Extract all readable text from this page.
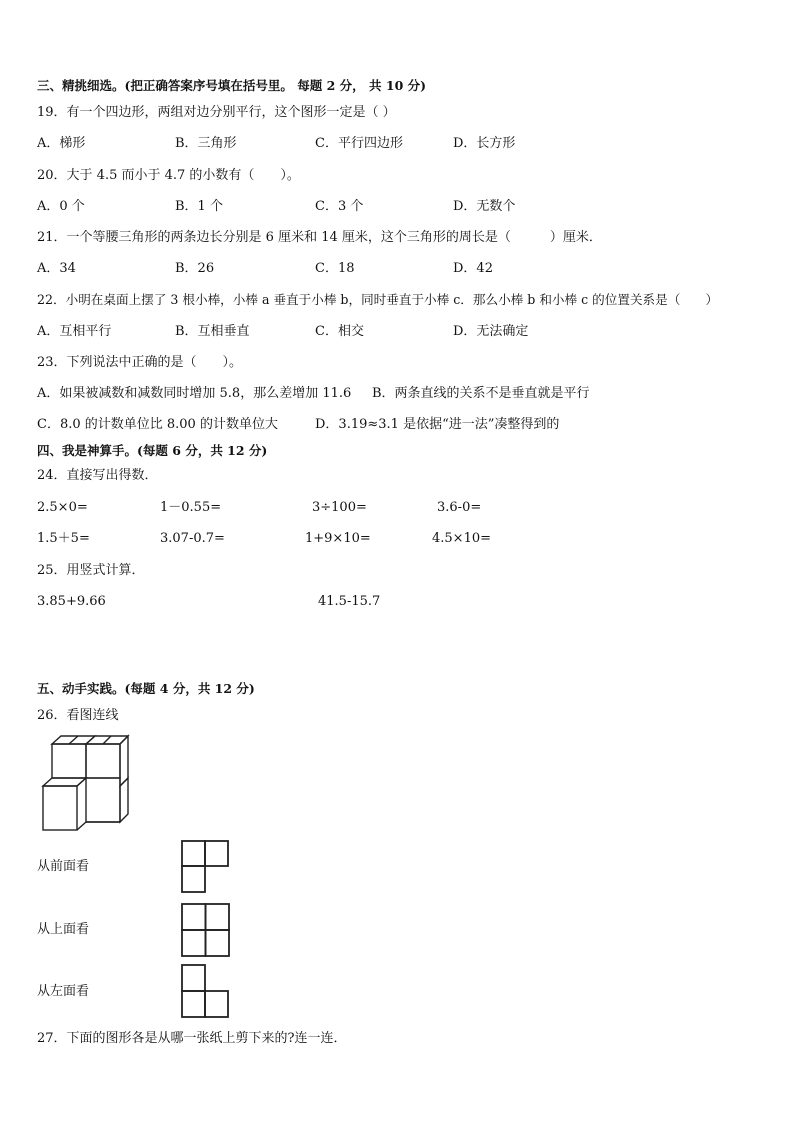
三、精挑细选。(把正确答案序号填在括号里。 每题 2 分， 共 10 分)
19．有一个四边形，两组对边分别平行，这个图形一定是（ ）
A．梯形	B．三角形	C．平行四边形	D．长方形
20．大于 4.5 而小于 4.7 的小数有（　　）。
A．0 个	B．1 个	C．3 个	D．无数个
21．一个等腰三角形的两条边长分别是 6 厘米和 14 厘米，这个三角形的周长是（　　　）厘米．
A．34	B．26	C．18	D．42
22．小明在桌面上摆了 3 根小棒，小棒 a 垂直于小棒 b，同时垂直于小棒 c．那么小棒 b 和小棒 c 的位置关系是（　　）
A．互相平行	B．互相垂直	C．相交	D．无法确定
23．下列说法中正确的是（　　）。
A．如果被减数和减数同时增加 5.8，那么差增加 11.6 B．两条直线的关系不是垂直就是平行
C．8.0 的计数单位比 8.00 的计数单位大	D．3.19≈3.1 是依据“进一法”凑整得到的
四、我是神算手。(每题 6 分，共 12 分)
24．直接写出得数．
2.5×0=	1－0.55=	3÷100=	3.6-0=
1.5＋5=	3.07-0.7=	1+9×10=	4.5×10=
25．用竖式计算．
3.85+9.66	41.5-15.7
五、动手实践。(每题 4 分，共 12 分)
26．看图连线
从前面看
从上面看
从左面看
27．下面的图形各是从哪一张纸上剪下来的?连一连．
